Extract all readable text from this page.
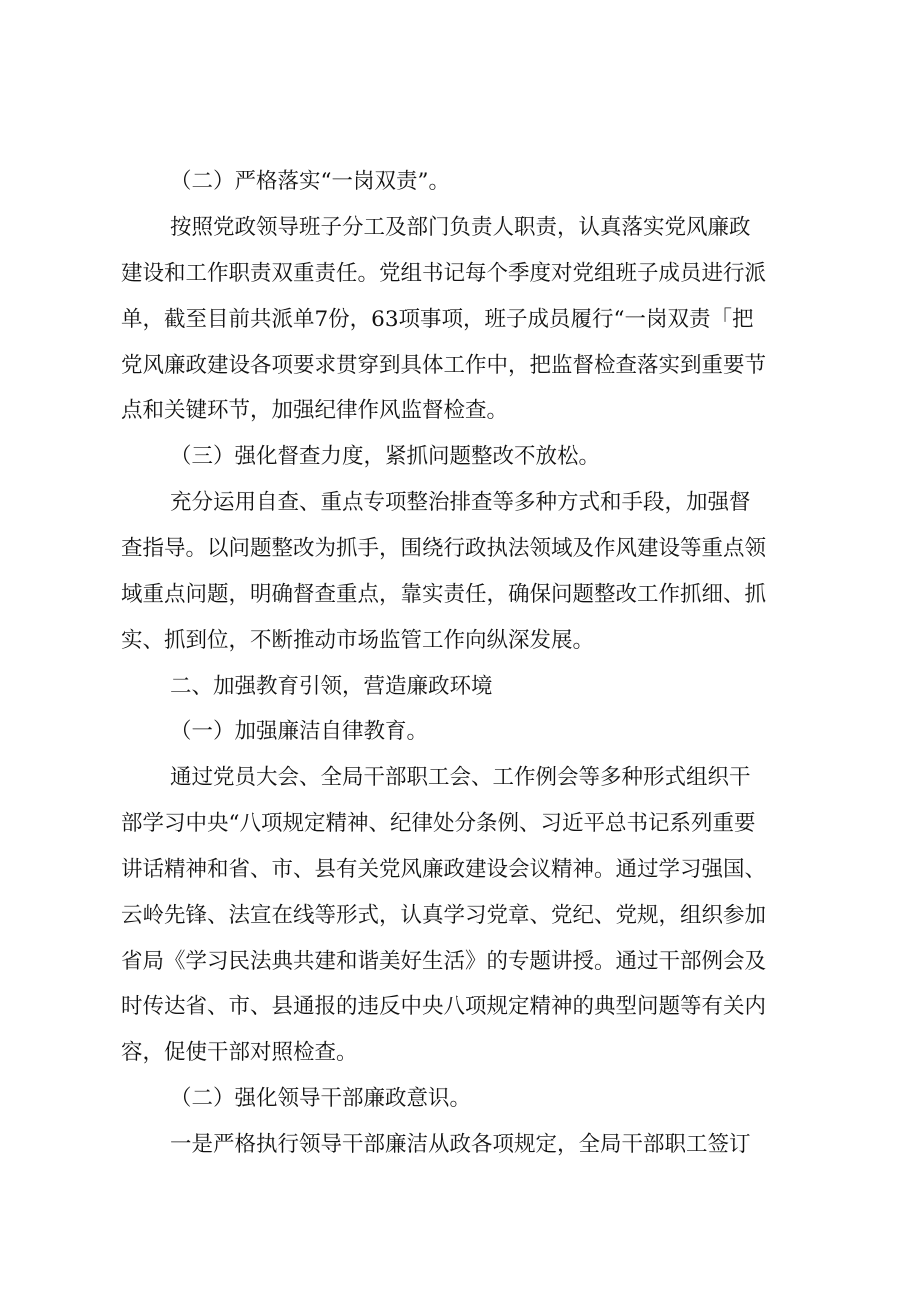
（二）严格落实“一岗双责”。
按照党政领导班子分工及部门负责人职责，认真落实党风廉政
建设和工作职责双重责任。党组书记每个季度对党组班子成员进行派
单，截至目前共派单7份，63项事项，班子成员履行“一岗双责「把
党风廉政建设各项要求贯穿到具体工作中，把监督检查落实到重要节
点和关键环节，加强纪律作风监督检查。
（三）强化督查力度，紧抓问题整改不放松。
充分运用自查、重点专项整治排查等多种方式和手段，加强督
查指导。以问题整改为抓手，围绕行政执法领域及作风建设等重点领
域重点问题，明确督查重点，靠实责任，确保问题整改工作抓细、抓
实、抓到位，不断推动市场监管工作向纵深发展。
二、加强教育引领，营造廉政环境
（一）加强廉洁自律教育。
通过党员大会、全局干部职工会、工作例会等多种形式组织干
部学习中央“八项规定精神、纪律处分条例、习近平总书记系列重要
讲话精神和省、市、县有关党风廉政建设会议精神。通过学习强国、
云岭先锋、法宣在线等形式，认真学习党章、党纪、党规，组织参加
省局《学习民法典共建和谐美好生活》的专题讲授。通过干部例会及
时传达省、市、县通报的违反中央八项规定精神的典型问题等有关内
容，促使干部对照检查。
（二）强化领导干部廉政意识。
一是严格执行领导干部廉洁从政各项规定，全局干部职工签订
